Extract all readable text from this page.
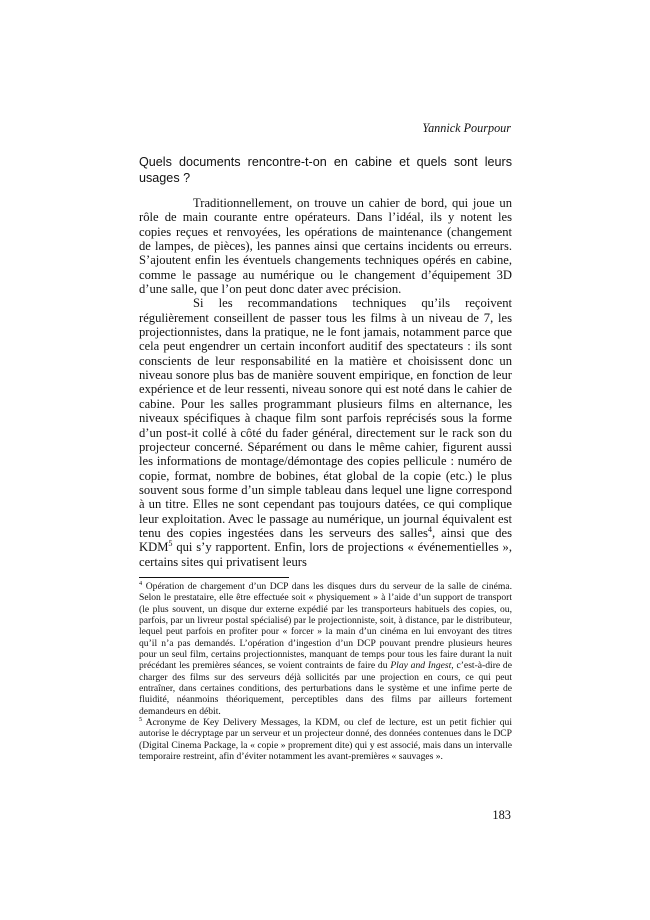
Yannick Pourpour
Quels documents rencontre-t-on en cabine et quels sont leurs usages ?

Traditionnellement, on trouve un cahier de bord, qui joue un rôle de main courante entre opérateurs. Dans l’idéal, ils y notent les copies reçues et renvoyées, les opérations de maintenance (changement de lampes, de pièces), les pannes ainsi que certains incidents ou erreurs. S’ajoutent enfin les éventuels changements techniques opérés en cabine, comme le passage au numérique ou le changement d’équipement 3D d’une salle, que l’on peut donc dater avec précision.

Si les recommandations techniques qu’ils reçoivent régulièrement conseillent de passer tous les films à un niveau de 7, les projectionnistes, dans la pratique, ne le font jamais, notamment parce que cela peut engendrer un certain inconfort auditif des spectateurs : ils sont conscients de leur responsabilité en la matière et choisissent donc un niveau sonore plus bas de manière souvent empirique, en fonction de leur expérience et de leur ressenti, niveau sonore qui est noté dans le cahier de cabine. Pour les salles programmant plusieurs films en alternance, les niveaux spécifiques à chaque film sont parfois reprécisés sous la forme d’un post-it collé à côté du fader général, directement sur le rack son du projecteur concerné. Séparément ou dans le même cahier, figurent aussi les informations de montage/démontage des copies pellicule : numéro de copie, format, nombre de bobines, état global de la copie (etc.) le plus souvent sous forme d’un simple tableau dans lequel une ligne correspond à un titre. Elles ne sont cependant pas toujours datées, ce qui complique leur exploitation. Avec le passage au numérique, un journal équivalent est tenu des copies ingestées dans les serveurs des salles$^4$, ainsi que des KDM$^5$ qui s’y rapportent. Enfin, lors de projections « événementielles », certains sites qui privatisent leurs

$^4$ Opération de chargement d’un DCP dans les disques durs du serveur de la salle de cinéma. Selon le prestataire, elle être effectuée soit « physiquement » à l’aide d’un support de transport (le plus souvent, un disque dur externe expédié par les transporteurs habituels des copies, ou, parfois, par un livreur postal spécialisé) par le projectionniste, soit, à distance, par le distributeur, lequel peut parfois en profiter pour « forcer » la main d’un cinéma en lui envoyant des titres qu’il n’a pas demandés. L’opération d’ingestion d’un DCP pouvant prendre plusieurs heures pour un seul film, certains projectionnistes, manquant de temps pour tous les faire durant la nuit précédant les premières séances, se voient contraints de faire du Play and Ingest, c’est-à-dire de charger des films sur des serveurs déjà sollicités par une projection en cours, ce qui peut entraîner, dans certaines conditions, des perturbations dans le système et une infime perte de fluidité, néanmoins théoriquement, perceptibles dans des films par ailleurs fortement demandeurs en débit.

$^5$ Acronyme de Key Delivery Messages, la KDM, ou clef de lecture, est un petit fichier qui autorise le décryptage par un serveur et un projecteur donné, des données contenues dans le DCP (Digital Cinema Package, la « copie » proprement dite) qui y est associé, mais dans un intervalle temporaire restreint, afin d’éviter notamment les avant-premières « sauvages ».

183
